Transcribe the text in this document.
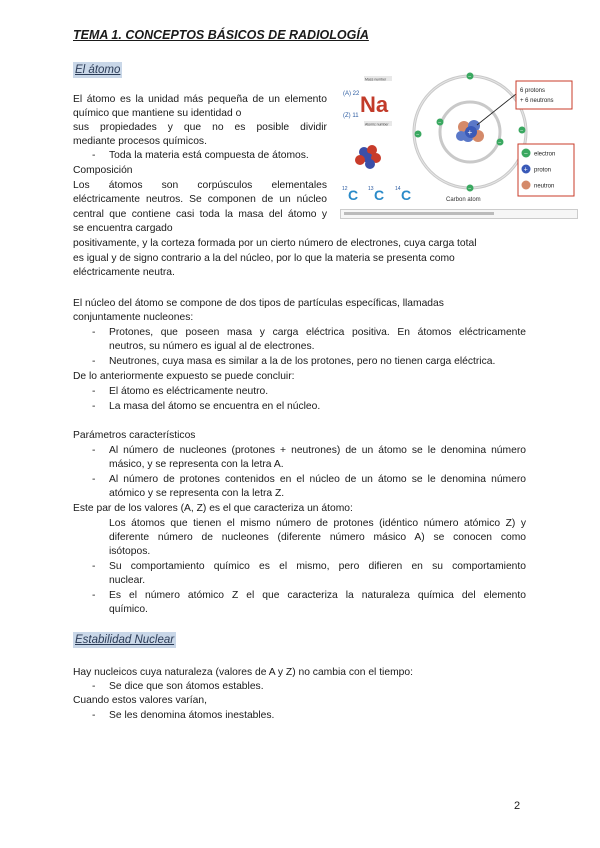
TEMA 1. CONCEPTOS BÁSICOS DE RADIOLOGÍA
El átomo
El átomo es la unidad más pequeña de un elemento
químico que mantiene su identidad o
sus propiedades y que no es posible dividir
mediante procesos químicos.
- Toda la materia está compuesta de átomos.
Composición
Los átomos son corpúsculos elementales
eléctricamente neutros. Se componen de un núcleo
central que contiene casi toda la masa del átomo y
se encuentra cargado
positivamente, y la corteza formada por un cierto número de electrones, cuya carga total
es igual y de signo contrario a la del núcleo, por lo que la materia se presenta como
eléctricamente neutra.
El núcleo del átomo se compone de dos tipos de partículas específicas, llamadas
conjuntamente nucleones:
- Protones, que poseen masa y carga eléctrica positiva. En átomos eléctricamente
neutros, su número es igual al de electrones.
- Neutrones, cuya masa es similar a la de los protones, pero no tienen carga eléctrica.
De lo anteriormente expuesto se puede concluir:
- El átomo es eléctricamente neutro.
- La masa del átomo se encuentra en el núcleo.
Parámetros característicos
- Al número de nucleones (protones + neutrones) de un átomo se le denomina número
másico, y se representa con la letra A.
- Al número de protones contenidos en el núcleo de un átomo se le denomina número
atómico y se representa con la letra Z.
Este par de los valores (A, Z) es el que caracteriza un átomo:
Los átomos que tienen el mismo número de protones (idéntico número atómico Z) y
diferente número de nucleones (diferente número másico A) se conocen como
isótopos.
- Su comportamiento químico es el mismo, pero difieren en su comportamiento
nuclear.
- Es el número atómico Z el que caracteriza la naturaleza química del elemento
químico.
Estabilidad Nuclear
Hay nucleicos cuya naturaleza (valores de A y Z) no cambia con el tiempo:
- Se dice que son átomos estables.
Cuando estos valores varían,
- Se les denomina átomos inestables.
2
Mass number
(A) 22
(Z) 11 Na
Atomic number
12 C 13 C 14 C
+
–
–
–
–
–
–
Carbon atom
6 protons
+ 6 neutrons
– electron
+ proton
neutron
